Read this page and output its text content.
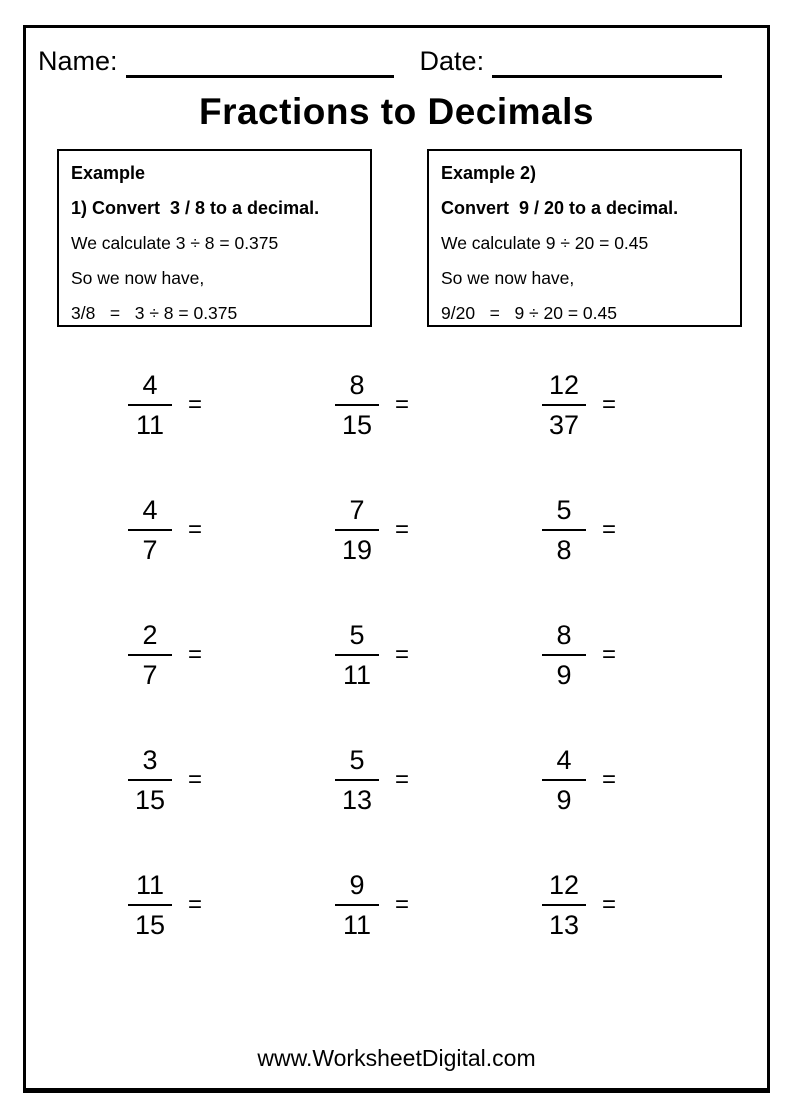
Name:	Date:
Fractions to Decimals
Example
1) Convert  3 / 8 to a decimal.
We calculate 3 ÷ 8 = 0.375
So we now have,
3/8   =   3 ÷ 8 = 0.375
Example 2)
Convert  9 / 20 to a decimal.
We calculate 9 ÷ 20 = 0.45
So we now have,
9/20   =   9 ÷ 20 = 0.45
$\frac{4}{11}$ =	$\frac{8}{15}$ =	$\frac{12}{37}$ =
$\frac{4}{7}$ =	$\frac{7}{19}$ =	$\frac{5}{8}$ =
$\frac{2}{7}$ =	$\frac{5}{11}$ =	$\frac{8}{9}$ =
$\frac{3}{15}$ =	$\frac{5}{13}$ =	$\frac{4}{9}$ =
$\frac{11}{15}$ =	$\frac{9}{11}$ =	$\frac{12}{13}$ =
www.WorksheetDigital.com
